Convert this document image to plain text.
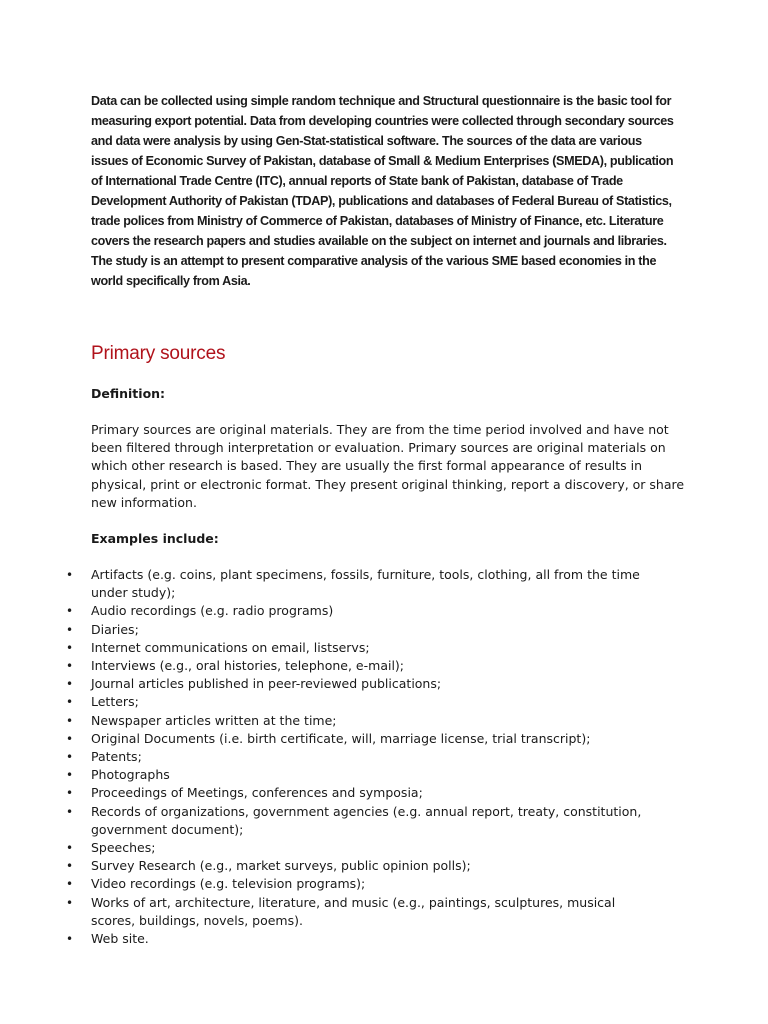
Data can be collected using simple random technique and Structural questionnaire is the basic tool for measuring export potential. Data from developing countries were collected through secondary sources and data were analysis by using Gen-Stat-statistical software. The sources of the data are various issues of Economic Survey of Pakistan, database of Small & Medium Enterprises (SMEDA), publication of International Trade Centre (ITC), annual reports of State bank of Pakistan, database of Trade Development Authority of Pakistan (TDAP), publications and databases of Federal Bureau of Statistics, trade polices from Ministry of Commerce of Pakistan, databases of Ministry of Finance, etc. Literature covers the research papers and studies available on the subject on internet and journals and libraries. The study is an attempt to present comparative analysis of the various SME based economies in the world specifically from Asia.

Primary sources
Definition:

Primary sources are original materials. They are from the time period involved and have not been filtered through interpretation or evaluation. Primary sources are original materials on which other research is based. They are usually the first formal appearance of results in physical, print or electronic format. They present original thinking, report a discovery, or share new information.

Examples include:
• Artifacts (e.g. coins, plant specimens, fossils, furniture, tools, clothing, all from the time under study);
• Audio recordings (e.g. radio programs)
• Diaries;
• Internet communications on email, listservs;
• Interviews (e.g., oral histories, telephone, e-mail);
• Journal articles published in peer-reviewed publications;
• Letters;
• Newspaper articles written at the time;
• Original Documents (i.e. birth certificate, will, marriage license, trial transcript);
• Patents;
• Photographs
• Proceedings of Meetings, conferences and symposia;
• Records of organizations, government agencies (e.g. annual report, treaty, constitution, government document);
• Speeches;
• Survey Research (e.g., market surveys, public opinion polls);
• Video recordings (e.g. television programs);
• Works of art, architecture, literature, and music (e.g., paintings, sculptures, musical scores, buildings, novels, poems).
• Web site.
